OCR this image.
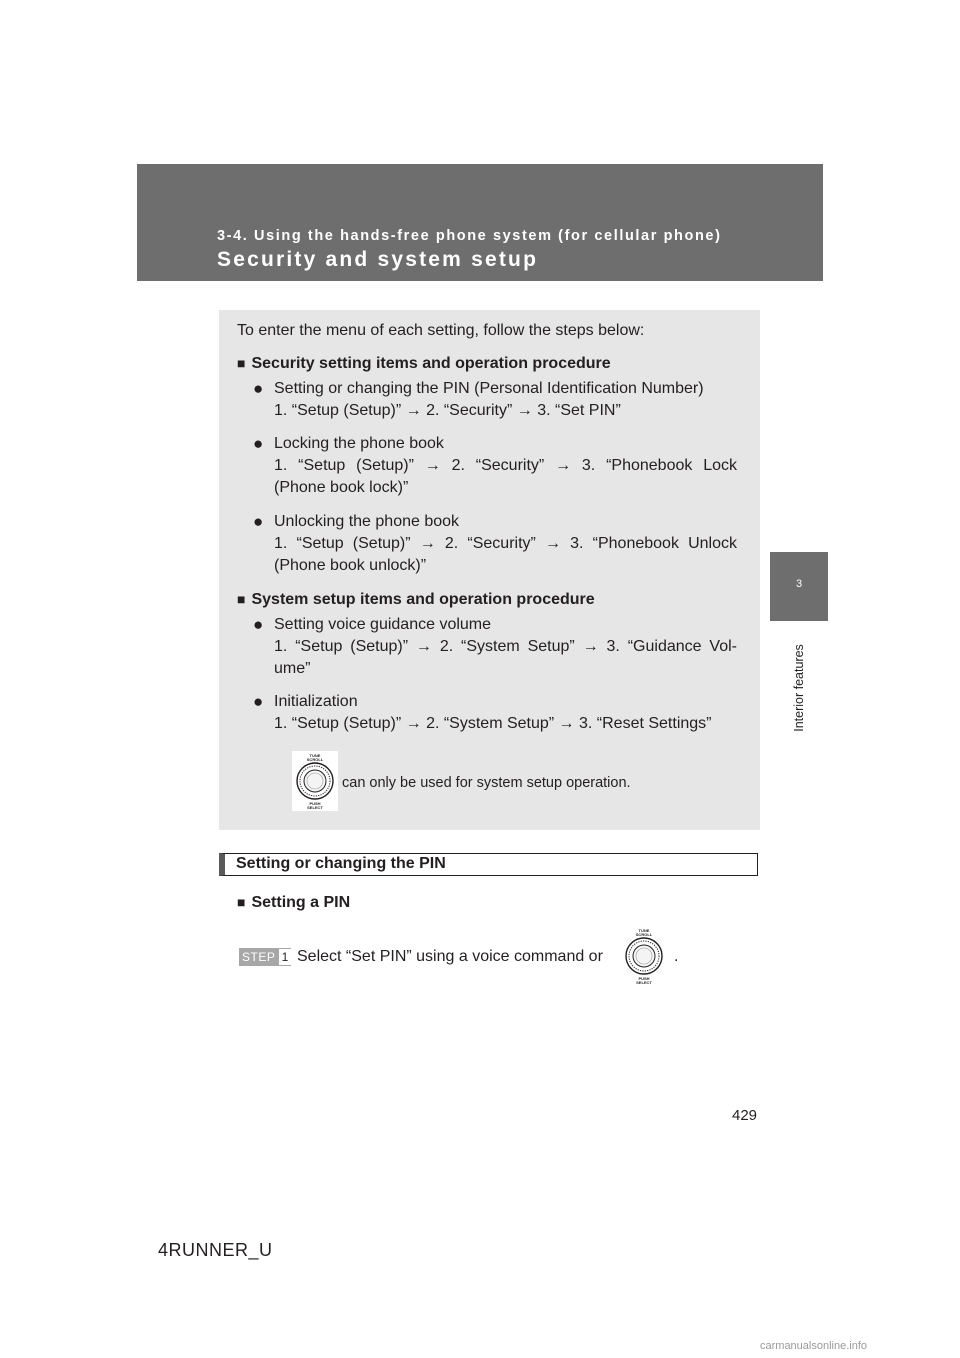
3-4. Using the hands-free phone system (for cellular phone)
Security and system setup
3
Interior features
To enter the menu of each setting, follow the steps below:
■ Security setting items and operation procedure
● Setting or changing the PIN (Personal Identification Number)
1. “Setup (Setup)” → 2. “Security” → 3. “Set PIN”
● Locking the phone book
1. “Setup (Setup)” → 2. “Security” → 3. “Phonebook Lock
(Phone book lock)”
● Unlocking the phone book
1. “Setup (Setup)” → 2. “Security” → 3. “Phonebook Unlock
(Phone book unlock)”
■ System setup items and operation procedure
● Setting voice guidance volume
1. “Setup (Setup)” → 2. “System Setup” → 3. “Guidance Vol-
ume”
● Initialization
1. “Setup (Setup)” → 2. “System Setup” → 3. “Reset Settings”
TUNE
SCROLL
PUSH
SELECT
can only be used for system setup operation.
Setting or changing the PIN
■ Setting a PIN
STEP 1 Select “Set PIN” using a voice command or
TUNE
SCROLL
PUSH
SELECT
.
429
4RUNNER_U
carmanualsonline.info
